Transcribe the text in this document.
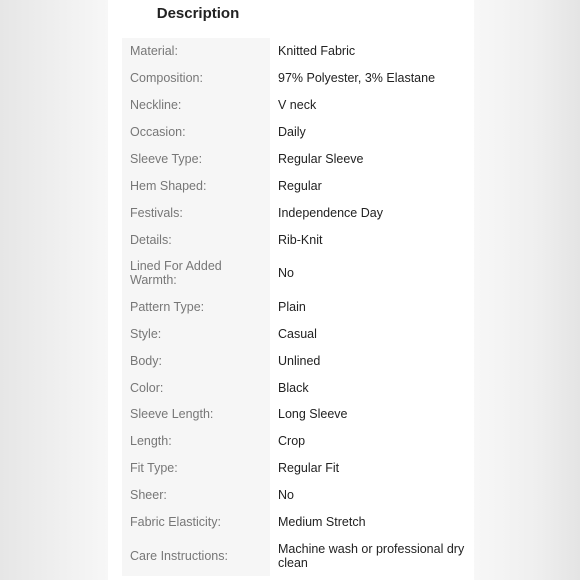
Description
Material:	Knitted Fabric
Composition:	97% Polyester, 3% Elastane
Neckline:	V neck
Occasion:	Daily
Sleeve Type:	Regular Sleeve
Hem Shaped:	Regular
Festivals:	Independence Day
Details:	Rib-Knit
Lined For Added Warmth:	No
Pattern Type:	Plain
Style:	Casual
Body:	Unlined
Color:	Black
Sleeve Length:	Long Sleeve
Length:	Crop
Fit Type:	Regular Fit
Sheer:	No
Fabric Elasticity:	Medium Stretch
Care Instructions:	Machine wash or professional dry clean
